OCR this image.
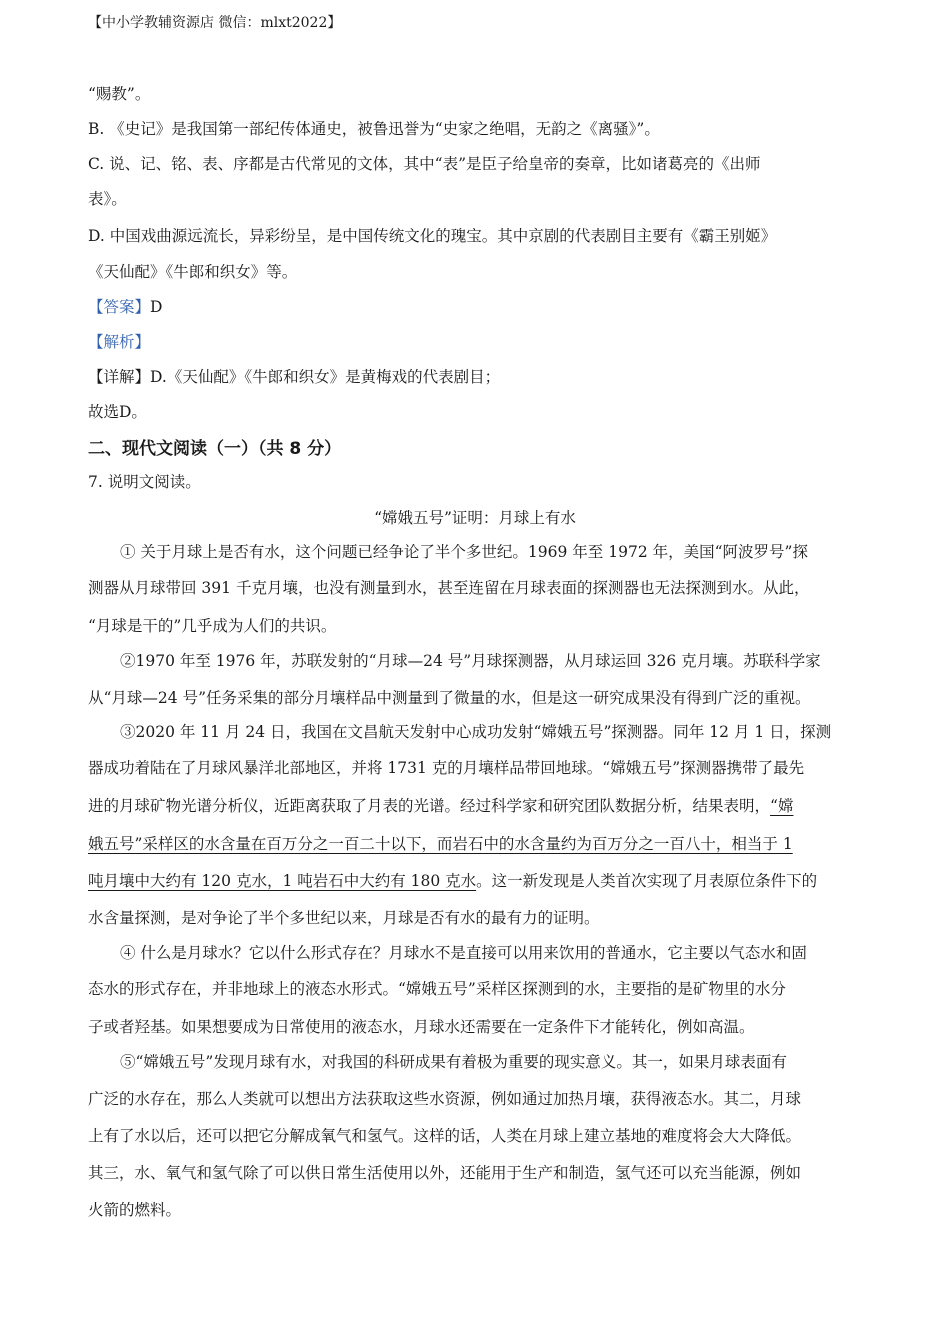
【中小学教辅资源店 微信：mlxt2022】
“赐教”。
B. 《史记》是我国第一部纪传体通史，被鲁迅誉为“史家之绝唱，无韵之《离骚》”。
C. 说、记、铭、表、序都是古代常见的文体，其中“表”是臣子给皇帝的奏章，比如诸葛亮的《出师
表》。
D. 中国戏曲源远流长，异彩纷呈，是中国传统文化的瑰宝。其中京剧的代表剧目主要有《霸王别姬》
《天仙配》《牛郎和织女》等。
【答案】D
【解析】
【详解】D.《天仙配》《牛郎和织女》是黄梅戏的代表剧目；
故选D。
二、现代文阅读（一）（共 8 分）
7. 说明文阅读。
“嫦娥五号”证明：月球上有水
① 关于月球上是否有水，这个问题已经争论了半个多世纪。1969 年至 1972 年，美国“阿波罗号”探
测器从月球带回 391 千克月壤，也没有测量到水，甚至连留在月球表面的探测器也无法探测到水。从此，
“月球是干的”几乎成为人们的共识。
②1970 年至 1976 年，苏联发射的“月球—24 号”月球探测器，从月球运回 326 克月壤。苏联科学家
从“月球—24 号”任务采集的部分月壤样品中测量到了微量的水，但是这一研究成果没有得到广泛的重视。
③2020 年 11 月 24 日，我国在文昌航天发射中心成功发射“嫦娥五号”探测器。同年 12 月 1 日，探测
器成功着陆在了月球风暴洋北部地区，并将 1731 克的月壤样品带回地球。“嫦娥五号”探测器携带了最先
进的月球矿物光谱分析仪，近距离获取了月表的光谱。经过科学家和研究团队数据分析，结果表明，“嫦
娥五号”采样区的水含量在百万分之一百二十以下，而岩石中的水含量约为百万分之一百八十，相当于 1
吨月壤中大约有 120 克水，1 吨岩石中大约有 180 克水。这一新发现是人类首次实现了月表原位条件下的
水含量探测，是对争论了半个多世纪以来，月球是否有水的最有力的证明。
④ 什么是月球水？它以什么形式存在？月球水不是直接可以用来饮用的普通水，它主要以气态水和固
态水的形式存在，并非地球上的液态水形式。“嫦娥五号”采样区探测到的水，主要指的是矿物里的水分
子或者羟基。如果想要成为日常使用的液态水，月球水还需要在一定条件下才能转化，例如高温。
⑤“嫦娥五号”发现月球有水，对我国的科研成果有着极为重要的现实意义。其一，如果月球表面有
广泛的水存在，那么人类就可以想出方法获取这些水资源，例如通过加热月壤，获得液态水。其二，月球
上有了水以后，还可以把它分解成氧气和氢气。这样的话，人类在月球上建立基地的难度将会大大降低。
其三，水、氧气和氢气除了可以供日常生活使用以外，还能用于生产和制造，氢气还可以充当能源，例如
火箭的燃料。
